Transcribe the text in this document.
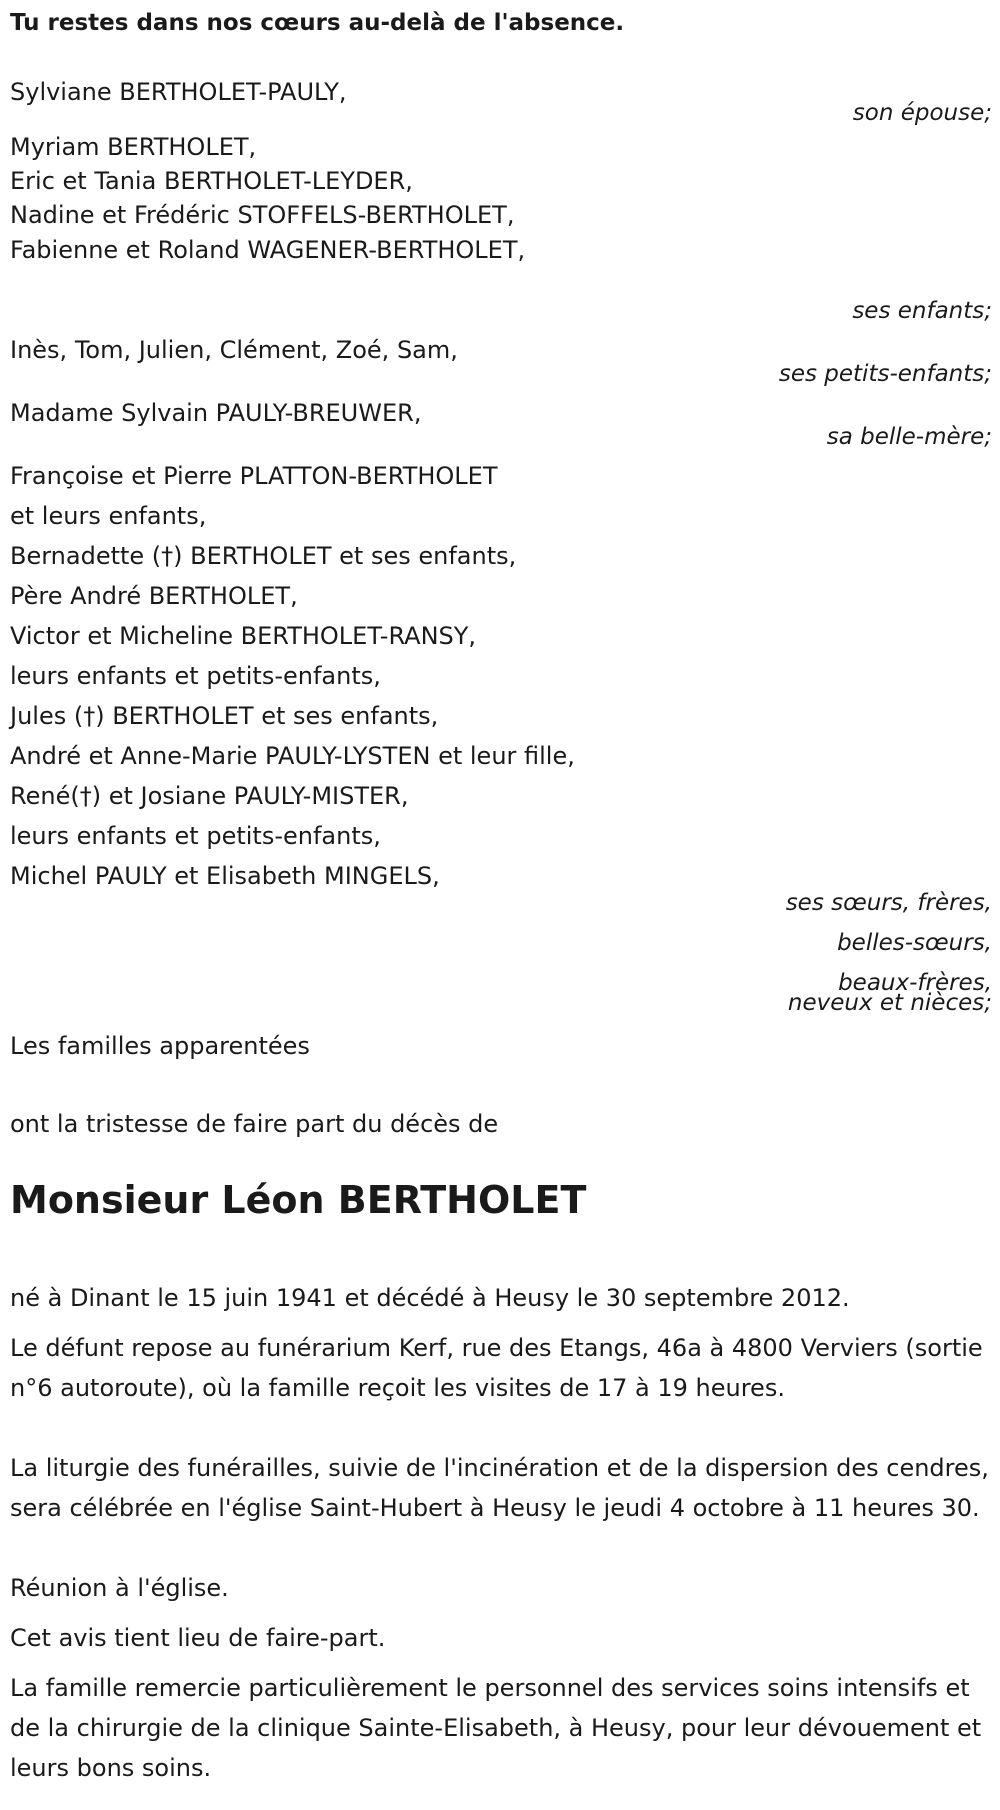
Tu restes dans nos cœurs au-delà de l'absence.
Sylviane BERTHOLET-PAULY,
son épouse;
Myriam BERTHOLET,
Eric et Tania BERTHOLET-LEYDER,
Nadine et Frédéric STOFFELS-BERTHOLET,
Fabienne et Roland WAGENER-BERTHOLET,
ses enfants;
Inès, Tom, Julien, Clément, Zoé, Sam,
ses petits-enfants;
Madame Sylvain PAULY-BREUWER,
sa belle-mère;
Françoise et Pierre PLATTON-BERTHOLET
et leurs enfants,
Bernadette (†) BERTHOLET et ses enfants,
Père André BERTHOLET,
Victor et Micheline BERTHOLET-RANSY,
leurs enfants et petits-enfants,
Jules (†) BERTHOLET et ses enfants,
André et Anne-Marie PAULY-LYSTEN et leur fille,
René(†) et Josiane PAULY-MISTER,
leurs enfants et petits-enfants,
Michel PAULY et Elisabeth MINGELS,
ses sœurs, frères,
belles-sœurs,
beaux-frères,
neveux et nièces;
Les familles apparentées
ont la tristesse de faire part du décès de
Monsieur Léon BERTHOLET
né à Dinant le 15 juin 1941 et décédé à Heusy le 30 septembre 2012.
Le défunt repose au funérarium Kerf, rue des Etangs, 46a à 4800 Verviers (sortie n°6 autoroute), où la famille reçoit les visites de 17 à 19 heures.
La liturgie des funérailles, suivie de l'incinération et de la dispersion des cendres, sera célébrée en l'église Saint-Hubert à Heusy le jeudi 4 octobre à 11 heures 30.
Réunion à l'église.
Cet avis tient lieu de faire-part.
La famille remercie particulièrement le personnel des services soins intensifs et de la chirurgie de la clinique Sainte-Elisabeth, à Heusy, pour leur dévouement et leurs bons soins.
